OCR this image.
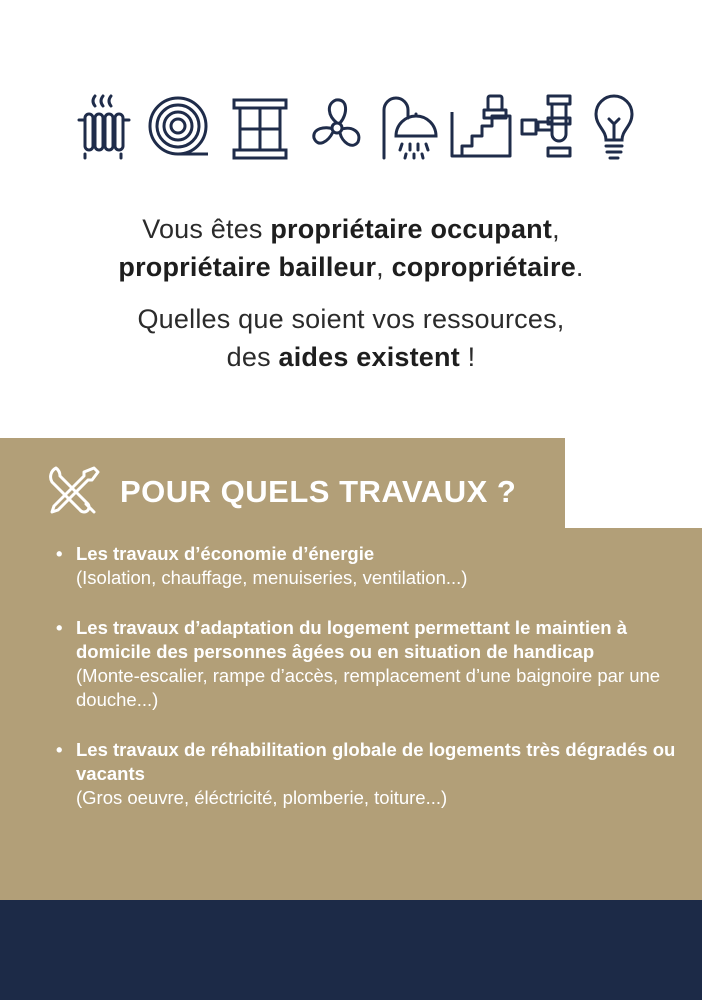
Vous êtes propriétaire occupant,

propriétaire bailleur, copropriétaire.

Quelles que soient vos ressources,

des aides existent !

POUR QUELS TRAVAUX ?
• Les travaux d’économie d’énergie
(Isolation, chauffage, menuiseries, ventilation...)
• Les travaux d’adaptation du logement permettant le maintien à domicile des personnes âgées ou en situation de handicap
(Monte-escalier, rampe d’accès, remplacement d’une baignoire par une douche...)
• Les travaux de réhabilitation globale de logements très dégradés ou vacants
(Gros oeuvre, éléctricité, plomberie, toiture...)
